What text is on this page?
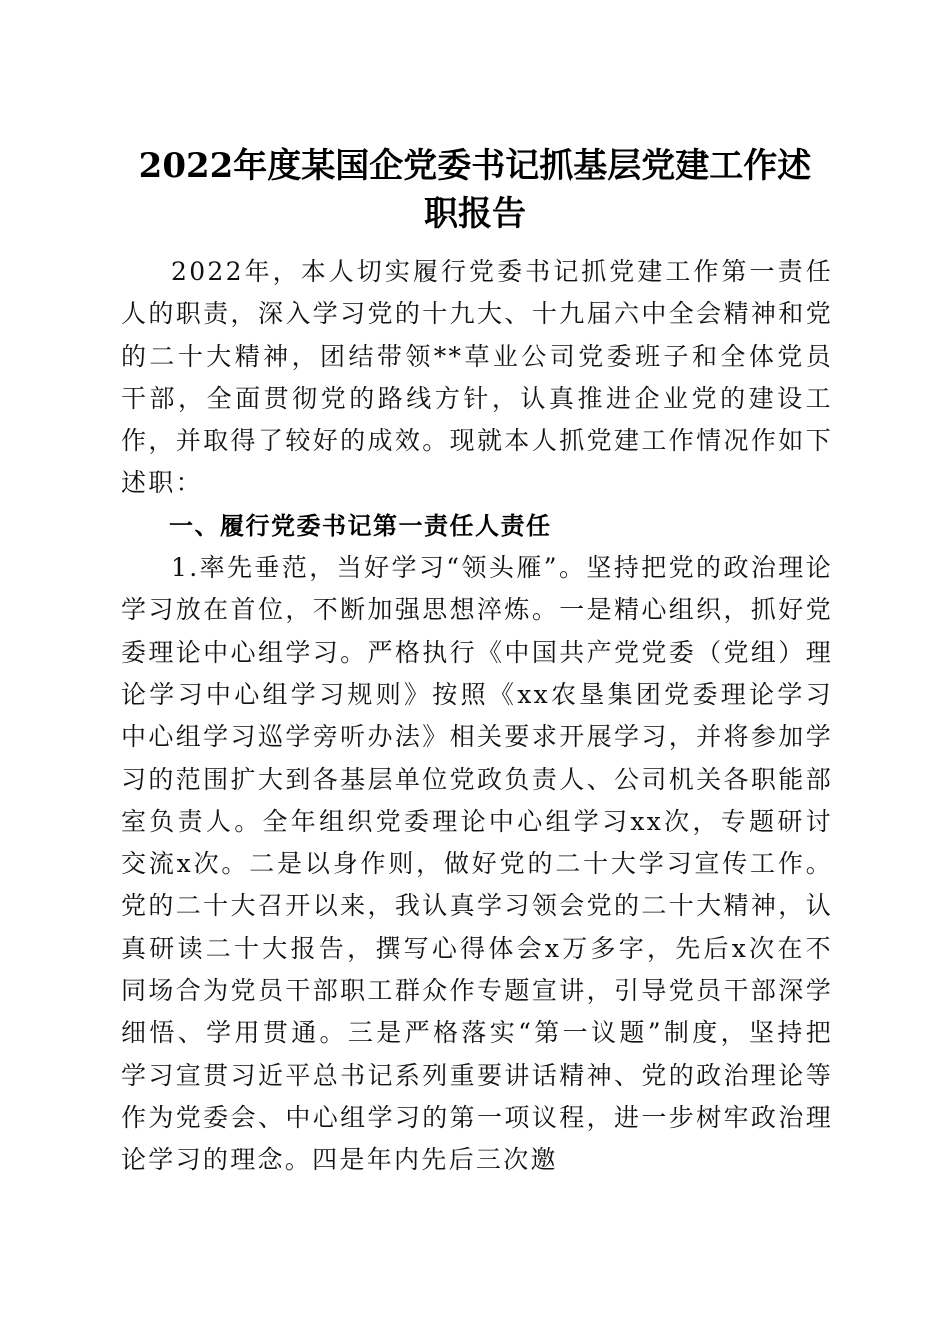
2022年度某国企党委书记抓基层党建工作述
职报告

2022年，本人切实履行党委书记抓党建工作第一责任人的职责，深入学习党的十九大、十九届六中全会精神和党的二十大精神，团结带领**草业公司党委班子和全体党员干部，全面贯彻党的路线方针，认真推进企业党的建设工作，并取得了较好的成效。现就本人抓党建工作情况作如下述职：

一、履行党委书记第一责任人责任

1.率先垂范，当好学习“领头雁”。坚持把党的政治理论学习放在首位，不断加强思想淬炼。一是精心组织，抓好党委理论中心组学习。严格执行《中国共产党党委（党组）理论学习中心组学习规则》按照《xx农垦集团党委理论学习中心组学习巡学旁听办法》相关要求开展学习，并将参加学习的范围扩大到各基层单位党政负责人、公司机关各职能部室负责人。全年组织党委理论中心组学习xx次，专题研讨交流x次。二是以身作则，做好党的二十大学习宣传工作。党的二十大召开以来，我认真学习领会党的二十大精神，认真研读二十大报告，撰写心得体会x万多字，先后x次在不同场合为党员干部职工群众作专题宣讲，引导党员干部深学细悟、学用贯通。三是严格落实“第一议题”制度，坚持把学习宣贯习近平总书记系列重要讲话精神、党的政治理论等作为党委会、中心组学习的第一项议程，进一步树牢政治理论学习的理念。四是年内先后三次邀
